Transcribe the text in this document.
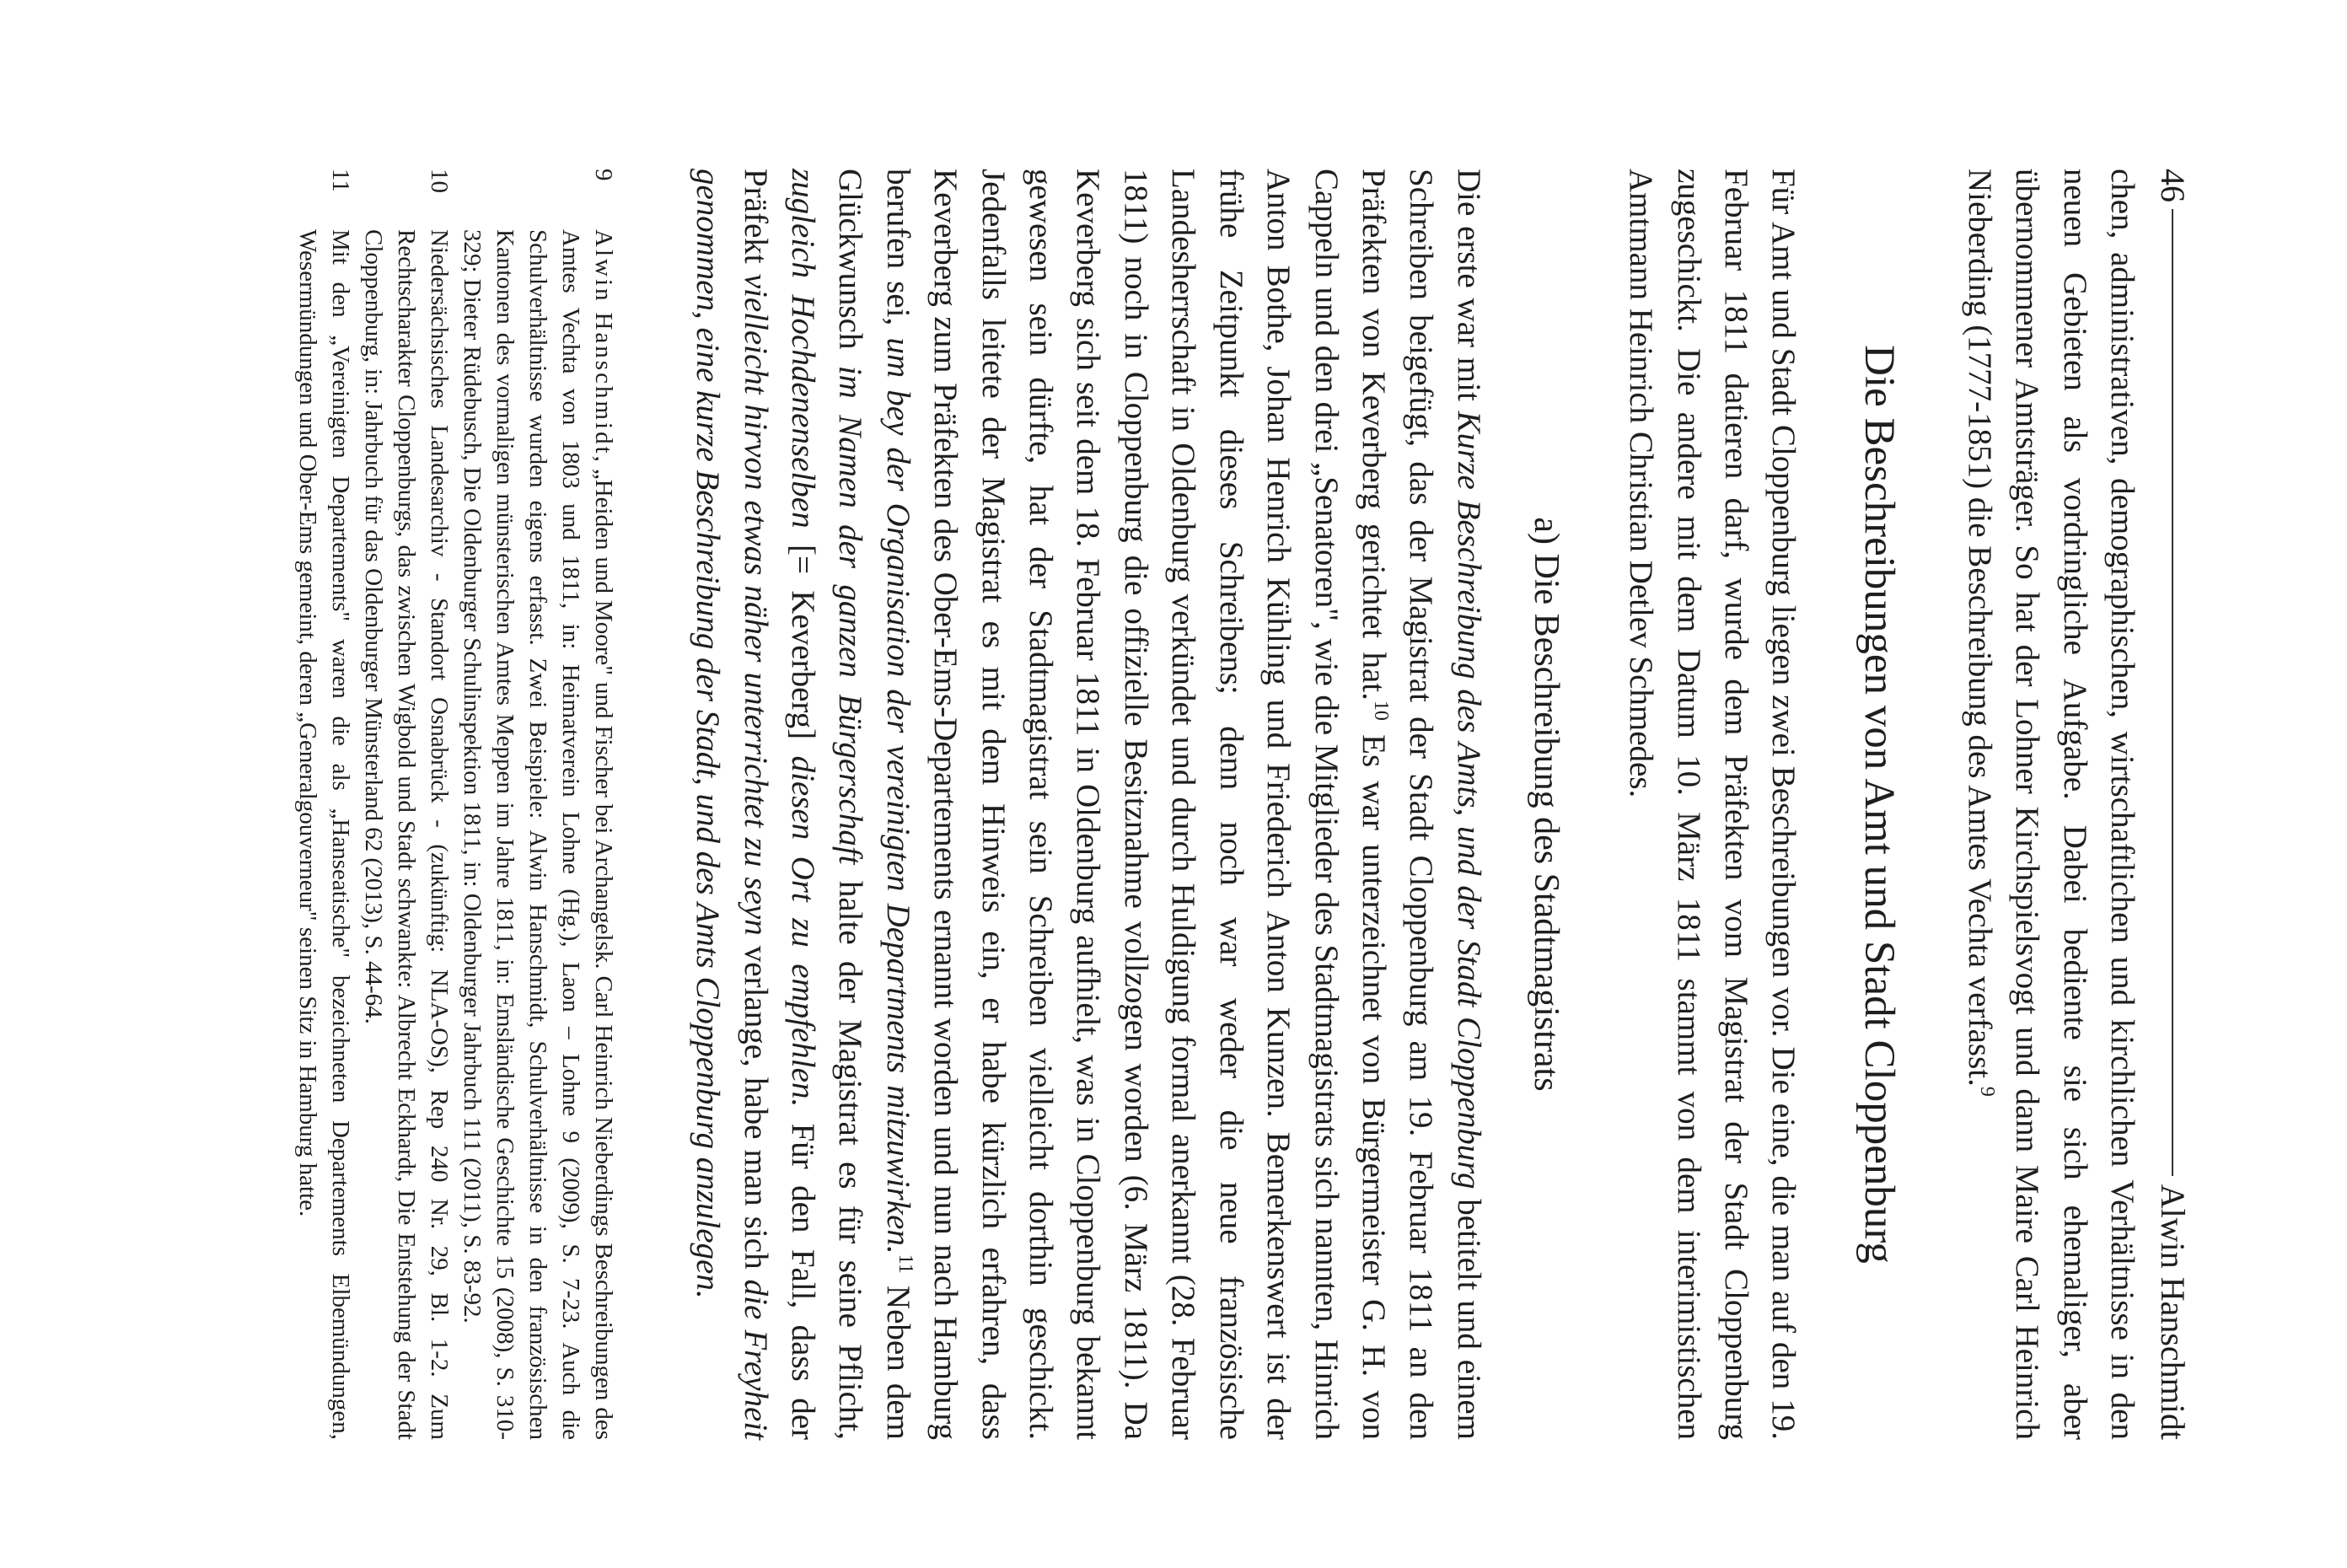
46
Alwin Hanschmidt

chen, administrativen, demographischen, wirtschaftlichen und kirchlichen Verhältnisse in den neuen Gebieten als vordringliche Aufgabe. Dabei bediente sie sich ehemaliger, aber übernommener Amtsträger. So hat der Lohner Kirchspielsvogt und dann Maire Carl Heinrich Nieberding (1777-1851) die Beschreibung des Amtes Vechta verfasst.$^9$

Die Beschreibungen von Amt und Stadt Cloppenburg

Für Amt und Stadt Cloppenburg liegen zwei Beschreibungen vor. Die eine, die man auf den 19. Februar 1811 datieren darf, wurde dem Präfekten vom Magistrat der Stadt Cloppenburg zugeschickt. Die andere mit dem Datum 10. März 1811 stammt von dem interimistischen Amtmann Heinrich Christian Detlev Schmedes.

a) Die Beschreibung des Stadtmagistrats

Die erste war mit Kurze Beschreibung des Amts, und der Stadt Cloppenburg betitelt und einem Schreiben beigefügt, das der Magistrat der Stadt Cloppenburg am 19. Februar 1811 an den Präfekten von Keverberg gerichtet hat.$^{10}$ Es war unterzeichnet von Bürgermeister G. H. von Cappeln und den drei „Senatoren", wie die Mitglieder des Stadtmagistrats sich nannten, Hinrich Anton Bothe, Johan Henrich Kühling und Friederich Anton Kunzen. Bemerkenswert ist der frühe Zeitpunkt dieses Schreibens; denn noch war weder die neue französische Landesherrschaft in Oldenburg verkündet und durch Huldigung formal anerkannt (28. Februar 1811) noch in Cloppenburg die offizielle Besitznahme vollzogen worden (6. März 1811). Da Keverberg sich seit dem 18. Februar 1811 in Oldenburg aufhielt, was in Cloppenburg bekannt gewesen sein dürfte, hat der Stadtmagistrat sein Schreiben vielleicht dorthin geschickt. Jedenfalls leitete der Magistrat es mit dem Hinweis ein, er habe kürzlich erfahren, dass Keverberg zum Präfekten des Ober-Ems-Departements ernannt worden und nun nach Hamburg berufen sei, um bey der Organisation der vereinigten Departments mitzuwirken.$^{11}$ Neben dem Glückwunsch im Namen der ganzen Bürgerschaft halte der Magistrat es für seine Pflicht, zugleich Hochdenenselben [= Keverberg] diesen Ort zu empfehlen. Für den Fall, dass der Präfekt vielleicht hirvon etwas näher unterrichtet zu seyn verlange, habe man sich die Freyheit genommen, eine kurze Beschreibung der Stadt, und des Amts Cloppenburg anzulegen.

9
Alwin Hanschmidt, „Heiden und Moore" und Fischer bei Archangelsk. Carl Heinrich Nieberdings Beschreibungen des Amtes Vechta von 1803 und 1811, in: Heimatverein Lohne (Hg.), Laon – Lohne 9 (2009), S. 7-23. Auch die Schulverhältnisse wurden eigens erfasst. Zwei Beispiele: Alwin Hanschmidt, Schulverhältnisse in den französischen Kantonen des vormaligen münsterischen Amtes Meppen im Jahre 1811, in: Emsländische Geschichte 15 (2008), S. 310-329; Dieter Rüdebusch, Die Oldenburger Schulinspektion 1811, in: Oldenburger Jahrbuch 111 (2011), S. 83-92.
10
Niedersächsisches Landesarchiv - Standort Osnabrück - (zukünftig: NLA-OS), Rep 240 Nr. 29, Bl. 1-2. Zum Rechtscharakter Cloppenburgs, das zwischen Wigbold und Stadt schwankte: Albrecht Eckhardt, Die Entstehung der Stadt Cloppenburg, in: Jahrbuch für das Oldenburger Münsterland 62 (2013), S. 44-64.
11
Mit den „Vereinigten Departements" waren die als „Hanseatische" bezeichneten Departements Elbemündungen, Wesermündungen und Ober-Ems gemeint, deren „Generalgouverneur" seinen Sitz in Hamburg hatte.
